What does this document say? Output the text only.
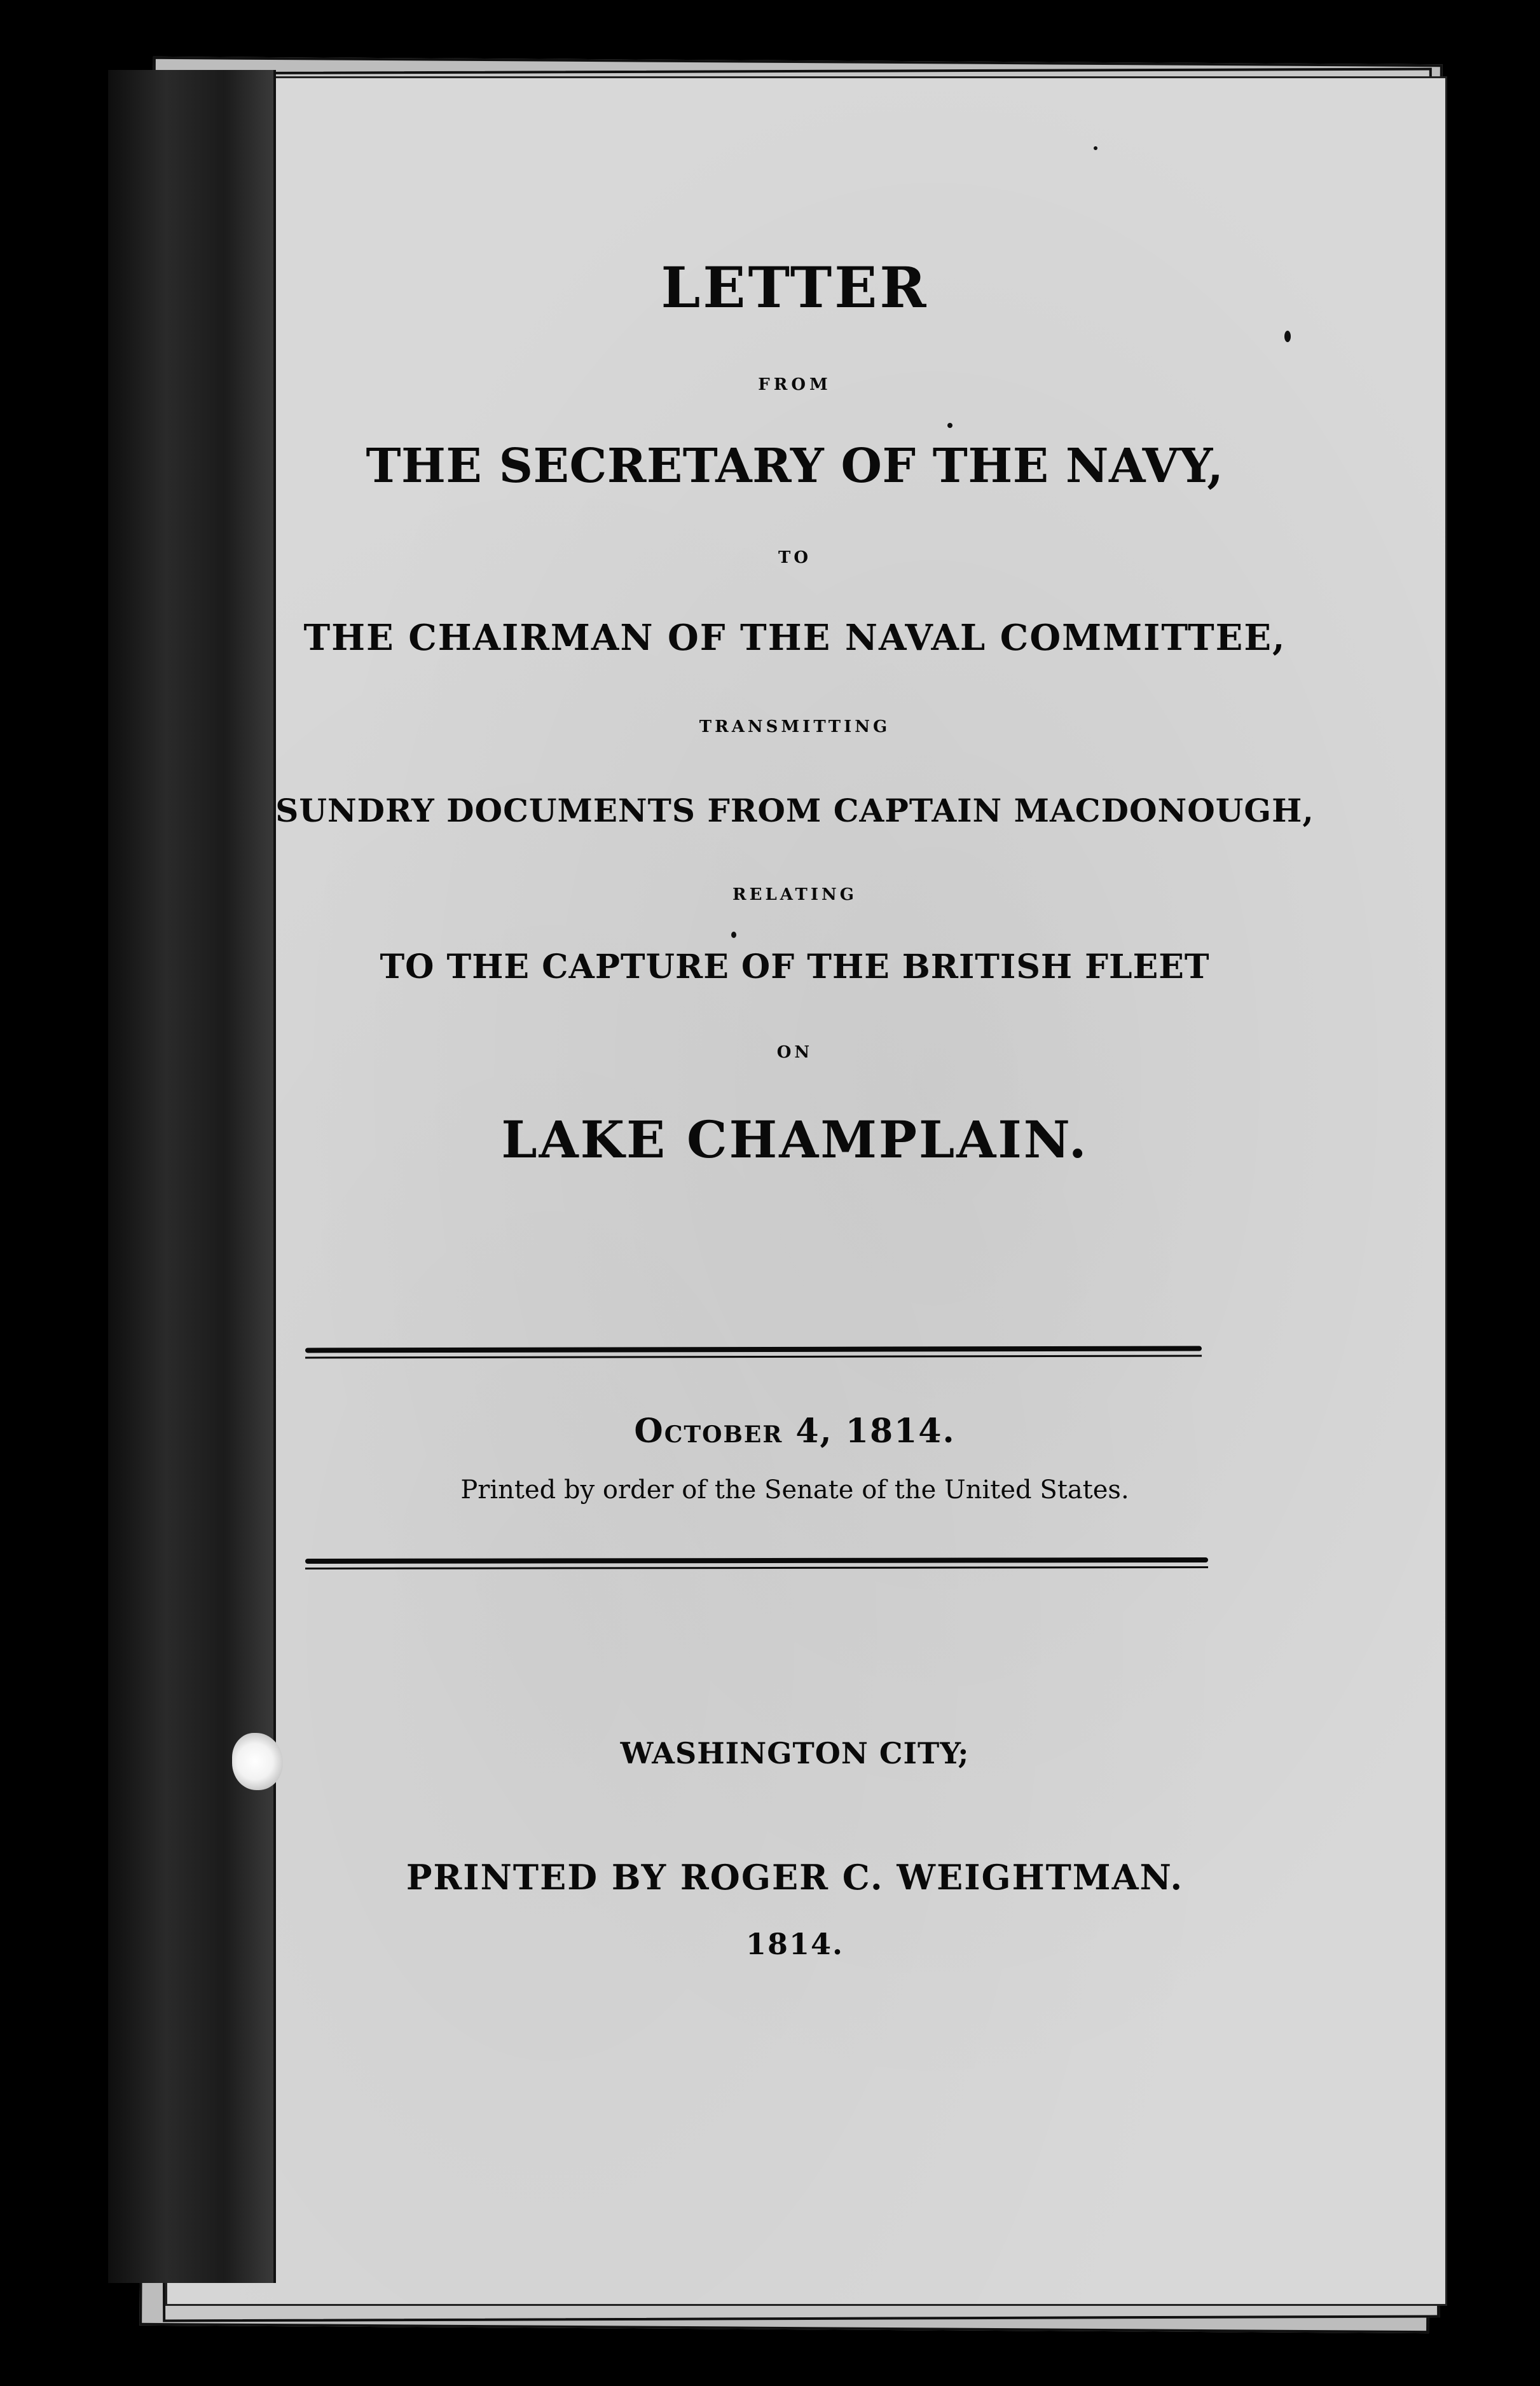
LETTER
FROM
THE SECRETARY OF THE NAVY,
TO
THE CHAIRMAN OF THE NAVAL COMMITTEE,
TRANSMITTING
SUNDRY DOCUMENTS FROM CAPTAIN MACDONOUGH,
RELATING
TO THE CAPTURE OF THE BRITISH FLEET
ON
LAKE CHAMPLAIN.
October 4, 1814.
Printed by order of the Senate of the United States.
WASHINGTON CITY;
PRINTED BY ROGER C. WEIGHTMAN.
1814.
